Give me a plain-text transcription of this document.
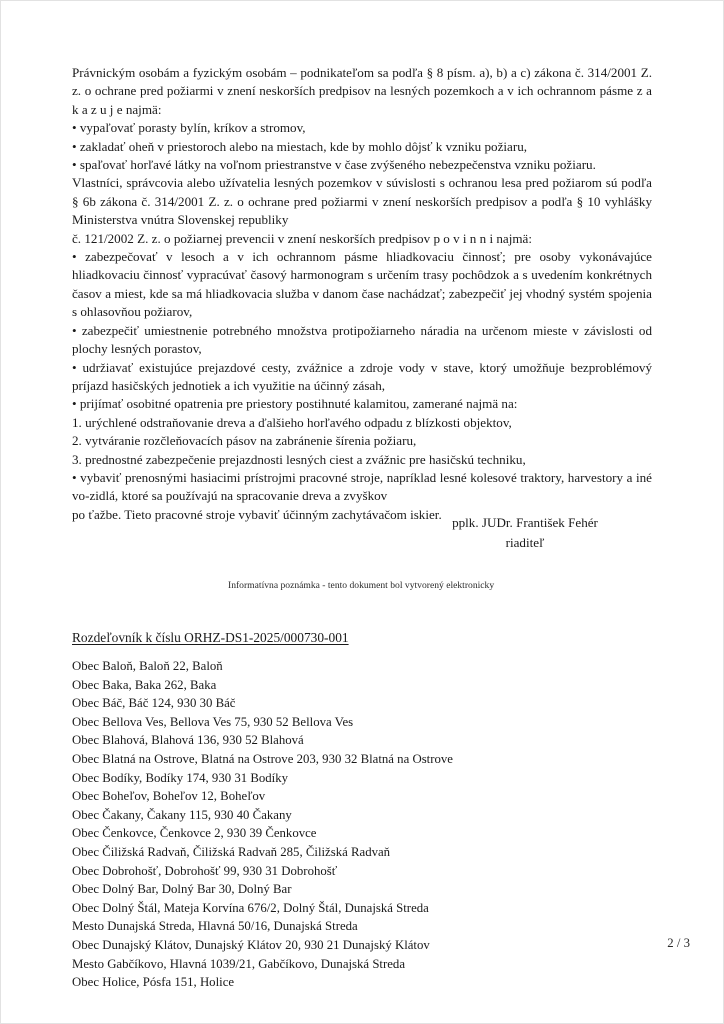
Právnickým osobám a fyzickým osobám – podnikateľom sa podľa § 8 písm. a), b) a c) zákona č. 314/2001 Z. z. o ochrane pred požiarmi v znení neskorších predpisov na lesných pozemkoch a v ich ochrannom pásme z a k a z u j e najmä:

• vypaľovať porasty bylín, kríkov a stromov,

• zakladať oheň v priestoroch alebo na miestach, kde by mohlo dôjsť k vzniku požiaru,

• spaľovať horľavé látky na voľnom priestranstve v čase zvýšeného nebezpečenstva vzniku požiaru.

Vlastníci, správcovia alebo užívatelia lesných pozemkov v súvislosti s ochranou lesa pred požiarom sú podľa § 6b zákona č. 314/2001 Z. z. o ochrane pred požiarmi v znení neskorších predpisov a podľa § 10 vyhlášky Ministerstva vnútra Slovenskej republiky

č. 121/2002 Z. z. o požiarnej prevencii v znení neskorších predpisov p o v i n n i najmä:

• zabezpečovať v lesoch a v ich ochrannom pásme hliadkovaciu činnosť; pre osoby vykonávajúce hliadkovaciu činnosť vypracúvať časový harmonogram s určením trasy pochôdzok a s uvedením konkrétnych časov a miest, kde sa má hliadkovacia služba v danom čase nachádzať; zabezpečiť jej vhodný systém spojenia s ohlasovňou požiarov,

• zabezpečiť umiestnenie potrebného množstva protipožiarneho náradia na určenom mieste v závislosti od plochy lesných porastov,

• udržiavať existujúce prejazdové cesty, zvážnice a zdroje vody v stave, ktorý umožňuje bezproblémový príjazd hasičských jednotiek a ich využitie na účinný zásah,

• prijímať osobitné opatrenia pre priestory postihnuté kalamitou, zamerané najmä na:

1. urýchlené odstraňovanie dreva a ďalšieho horľavého odpadu z blízkosti objektov,

2. vytváranie rozčleňovacích pásov na zabránenie šírenia požiaru,

3. prednostné zabezpečenie prejazdnosti lesných ciest a zvážnic pre hasičskú techniku,

• vybaviť prenosnými hasiacimi prístrojmi pracovné stroje, napríklad lesné kolesové traktory, harvestory a iné vo-zidlá, ktoré sa používajú na spracovanie dreva a zvyškov

po ťažbe. Tieto pracovné stroje vybaviť účinným zachytávačom iskier.

pplk. JUDr. František Fehér
riaditeľ
Informatívna poznámka - tento dokument bol vytvorený elektronicky
Rozdeľovník k číslu ORHZ-DS1-2025/000730-001
Obec Baloň, Baloň 22, Baloň
Obec Baka, Baka 262, Baka
Obec Báč, Báč 124, 930 30 Báč
Obec Bellova Ves, Bellova Ves 75, 930 52 Bellova Ves
Obec Blahová, Blahová 136, 930 52 Blahová
Obec Blatná na Ostrove, Blatná na Ostrove 203, 930 32 Blatná na Ostrove
Obec Bodíky, Bodíky 174, 930 31 Bodíky
Obec Boheľov, Boheľov 12, Boheľov
Obec Čakany, Čakany 115, 930 40 Čakany
Obec Čenkovce, Čenkovce 2, 930 39 Čenkovce
Obec Čiližská Radvaň, Čiližská Radvaň 285, Čiližská Radvaň
Obec Dobrohošť, Dobrohošť 99, 930 31 Dobrohošť
Obec Dolný Bar, Dolný Bar 30, Dolný Bar
Obec Dolný Štál, Mateja Korvína 676/2, Dolný Štál, Dunajská Streda
Mesto Dunajská Streda, Hlavná 50/16, Dunajská Streda
Obec Dunajský Klátov, Dunajský Klátov 20, 930 21 Dunajský Klátov
Mesto Gabčíkovo, Hlavná 1039/21, Gabčíkovo, Dunajská Streda
Obec Holice, Pósfa 151, Holice
2 / 3
